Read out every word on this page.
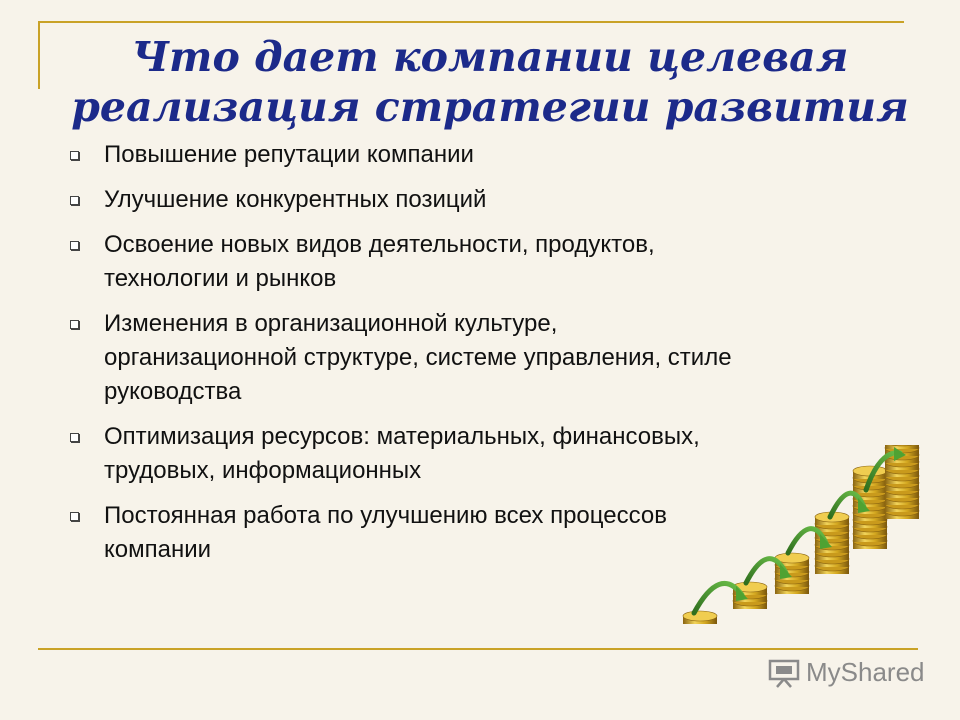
Что дает компании целевая реализация стратегии развития
Повышение репутации компании
Улучшение конкурентных позиций
Освоение новых видов деятельности, продуктов, технологии и рынков
Изменения в организационной культуре, организационной структуре, системе управления, стиле руководства
Оптимизация ресурсов: материальных, финансовых, трудовых, информационных
Постоянная работа по улучшению всех процессов компании
MyShared
